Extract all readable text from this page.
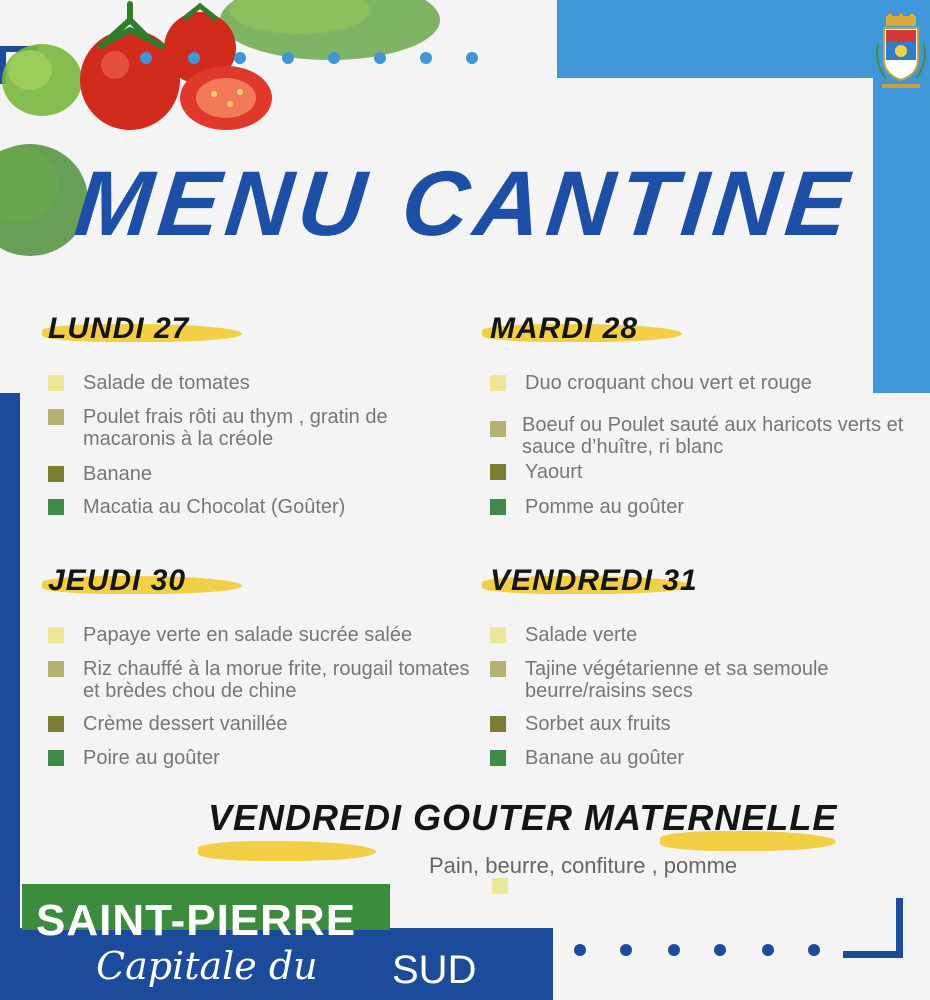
MENU CANTINE
LUNDI 27
Salade de tomates
Poulet frais rôti au thym , gratin de macaronis à la créole
Banane
Macatia au Chocolat (Goûter)
MARDI 28
Duo croquant chou vert et rouge
Boeuf ou Poulet sauté aux haricots verts et sauce d’huître, ri blanc
Yaourt
Pomme au goûter
JEUDI 30
Papaye verte en salade sucrée salée
Riz chauffé à la morue frite, rougail tomates et brèdes chou de chine
Crème dessert vanillée
Poire au goûter
VENDREDI 31
Salade verte
Tajine végétarienne et sa semoule beurre/raisins secs
Sorbet aux fruits
Banane au goûter
VENDREDI GOUTER MATERNELLE
Pain, beurre, confiture , pomme
SAINT-PIERRE
Capitale du SUD
